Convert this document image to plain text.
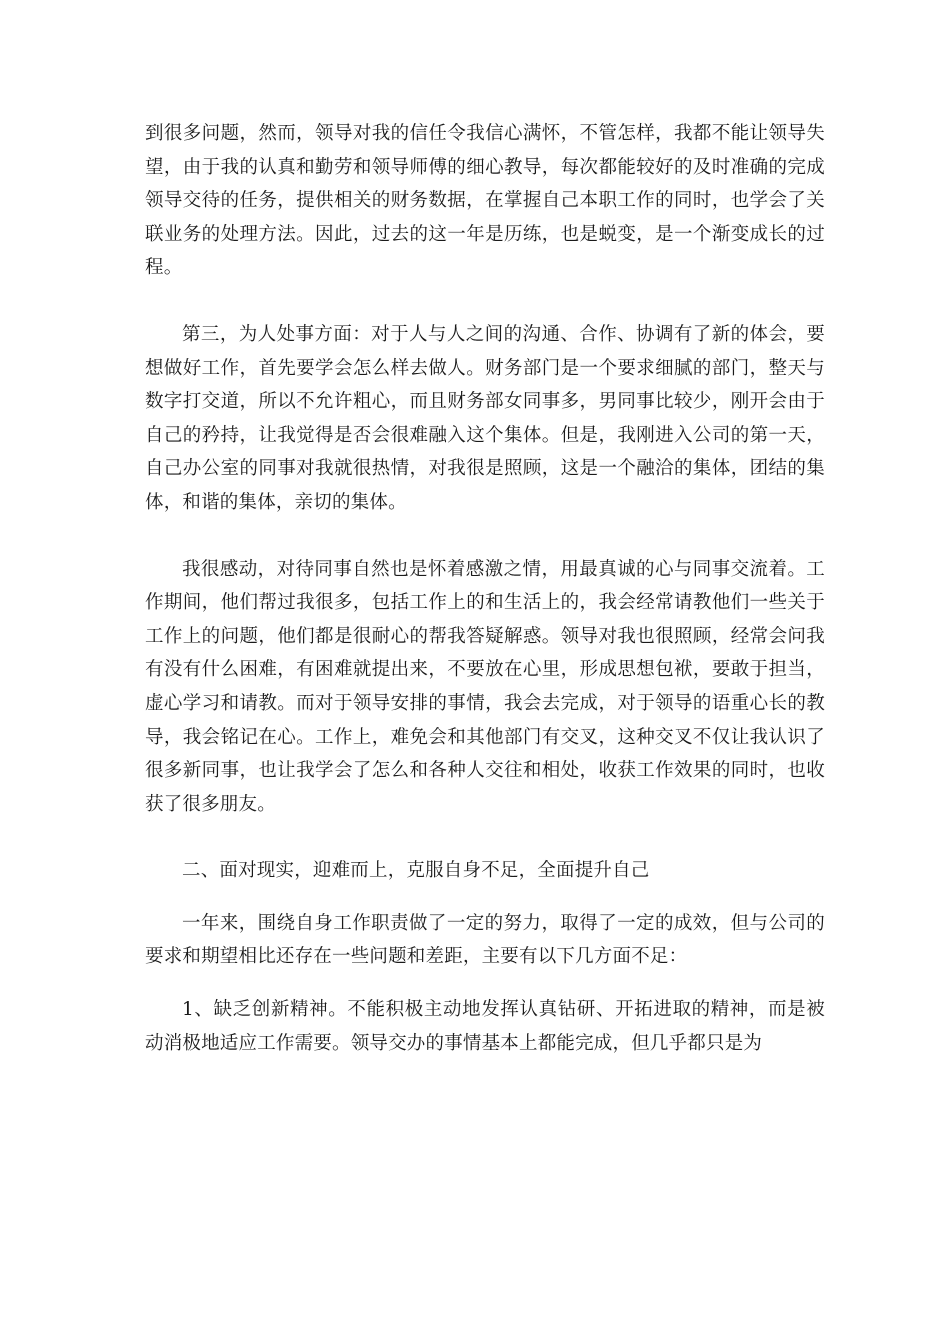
到很多问题，然而，领导对我的信任令我信心满怀，不管怎样，我都不能让领导失望，由于我的认真和勤劳和领导师傅的细心教导，每次都能较好的及时准确的完成领导交待的任务，提供相关的财务数据，在掌握自己本职工作的同时，也学会了关联业务的处理方法。因此，过去的这一年是历练，也是蜕变，是一个渐变成长的过程。

第三，为人处事方面：对于人与人之间的沟通、合作、协调有了新的体会，要想做好工作，首先要学会怎么样去做人。财务部门是一个要求细腻的部门，整天与数字打交道，所以不允许粗心，而且财务部女同事多，男同事比较少，刚开会由于自己的矜持，让我觉得是否会很难融入这个集体。但是，我刚进入公司的第一天，自己办公室的同事对我就很热情，对我很是照顾，这是一个融洽的集体，团结的集体，和谐的集体，亲切的集体。

我很感动，对待同事自然也是怀着感激之情，用最真诚的心与同事交流着。工作期间，他们帮过我很多，包括工作上的和生活上的，我会经常请教他们一些关于工作上的问题，他们都是很耐心的帮我答疑解惑。领导对我也很照顾，经常会问我有没有什么困难，有困难就提出来，不要放在心里，形成思想包袱，要敢于担当，虚心学习和请教。而对于领导安排的事情，我会去完成，对于领导的语重心长的教导，我会铭记在心。工作上，难免会和其他部门有交叉，这种交叉不仅让我认识了很多新同事，也让我学会了怎么和各种人交往和相处，收获工作效果的同时，也收获了很多朋友。

二、面对现实，迎难而上，克服自身不足，全面提升自己

一年来，围绕自身工作职责做了一定的努力，取得了一定的成效，但与公司的要求和期望相比还存在一些问题和差距，主要有以下几方面不足：

1、缺乏创新精神。不能积极主动地发挥认真钻研、开拓进取的精神，而是被动消极地适应工作需要。领导交办的事情基本上都能完成，但几乎都只是为
